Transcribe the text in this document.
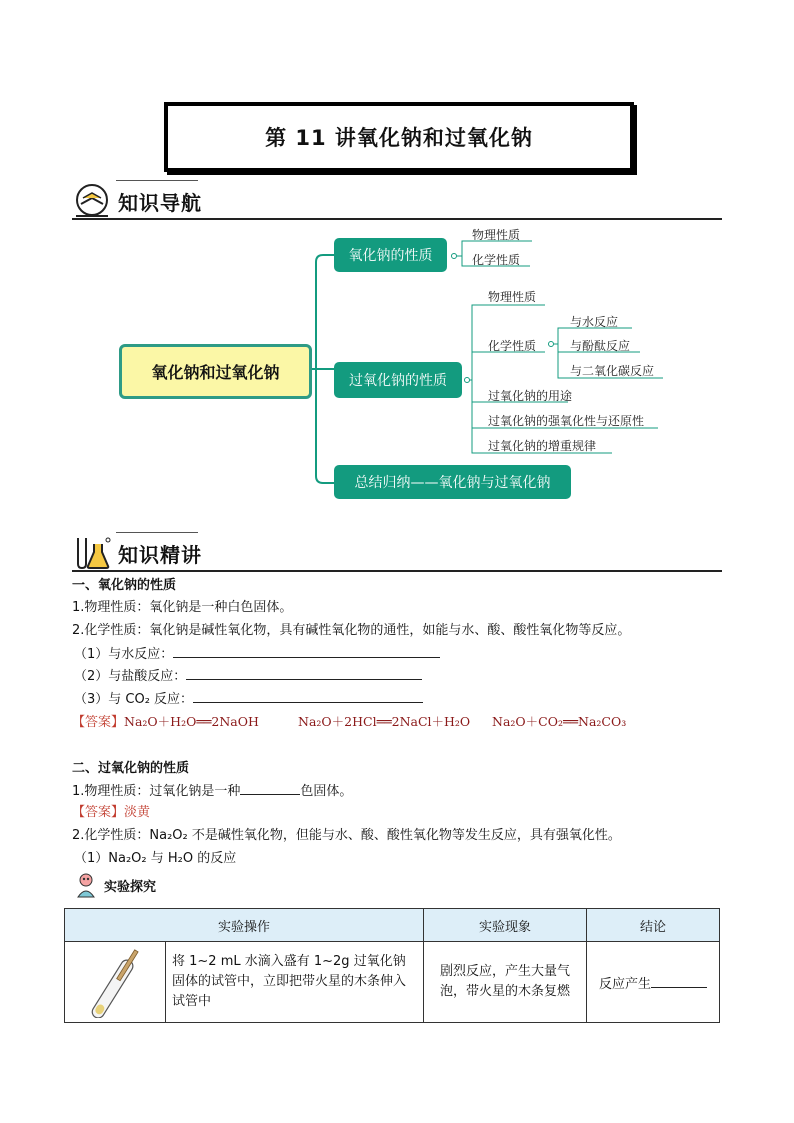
第 11 讲氧化钠和过氧化钠
知识导航
氧化钠和过氧化钠
氧化钠的性质
物理性质
化学性质
过氧化钠的性质
物理性质
化学性质
与水反应
与酚酞反应
与二氧化碳反应
过氧化钠的用途
过氧化钠的强氧化性与还原性
过氧化钠的增重规律
总结归纳——氧化钠与过氧化钠
知识精讲
一、氧化钠的性质
1.物理性质：氧化钠是一种白色固体。
2.化学性质：氧化钠是碱性氧化物，具有碱性氧化物的通性，如能与水、酸、酸性氧化物等反应。
（1）与水反应：
（2）与盐酸反应：
（3）与 CO₂ 反应：
【答案】Na₂O＋H₂O══2NaOH	Na₂O＋2HCl══2NaCl＋H₂O Na₂O＋CO₂══Na₂CO₃
二、过氧化钠的性质
1.物理性质：过氧化钠是一种	色固体。
【答案】淡黄
2.化学性质：Na₂O₂ 不是碱性氧化物，但能与水、酸、酸性氧化物等发生反应，具有强氧化性。
（1）Na₂O₂ 与 H₂O 的反应
实验探究
实验操作		实验现象	结论
	将 1~2 mL 水滴入盛有 1~2g 过氧化钠固体的试管中，立即把带火星的木条伸入试管中	剧烈反应，产生大量气泡，带火星的木条复燃	反应产生
